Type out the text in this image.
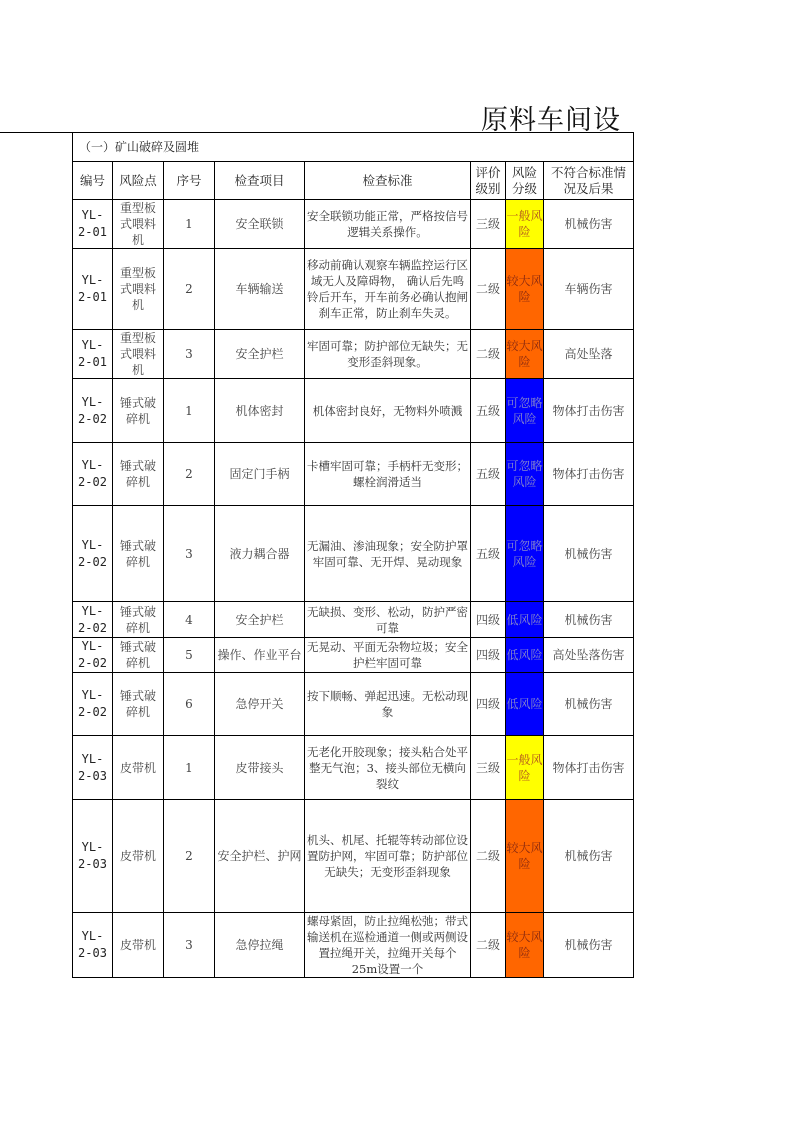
原料车间设
（一）矿山破碎及圆堆							
编号	风险点	序号	检查项目	检查标准	评价级别	风险分级	不符合标准情况及后果
YL-
2-01	重型板式喂料机	1	安全联锁	安全联锁功能正常，严格按信号逻辑关系操作。	三级	一般风险	机械伤害
YL-
2-01	重型板式喂料机	2	车辆输送	移动前确认观察车辆监控运行区域无人及障碍物， 确认后先鸣铃后开车，开车前务必确认抱闸刹车正常，防止刹车失灵。	二级	较大风险	车辆伤害
YL-
2-01	重型板式喂料机	3	安全护栏	牢固可靠；防护部位无缺失；无变形歪斜现象。	二级	较大风险	高处坠落
YL-
2-02	锤式破碎机	1	机体密封	机体密封良好，无物料外喷溅	五级	可忽略风险	物体打击伤害
YL-
2-02	锤式破碎机	2	固定门手柄	卡槽牢固可靠；手柄杆无变形；螺栓润滑适当	五级	可忽略风险	物体打击伤害
YL-
2-02	锤式破碎机	3	液力耦合器	无漏油、渗油现象；安全防护罩牢固可靠、无开焊、晃动现象	五级	可忽略风险	机械伤害
YL-
2-02	锤式破碎机	4	安全护栏	无缺损、变形、松动，防护严密可靠	四级	低风险	机械伤害
YL-
2-02	锤式破碎机	5	操作、作业平台	无晃动、平面无杂物垃圾；安全护栏牢固可靠	四级	低风险	高处坠落伤害
YL-
2-02	锤式破碎机	6	急停开关	按下顺畅、弹起迅速。无松动现象	四级	低风险	机械伤害
YL-
2-03	皮带机	1	皮带接头	无老化开胶现象；接头粘合处平整无气泡；3、接头部位无横向裂纹	三级	一般风险	物体打击伤害
YL-
2-03	皮带机	2	安全护栏、护网	机头、机尾、托辊等转动部位设置防护网，牢固可靠；防护部位无缺失；无变形歪斜现象	二级	较大风险	机械伤害
YL-
2-03	皮带机	3	急停拉绳	螺母紧固，防止拉绳松弛；带式输送机在巡检通道一侧或两侧设置拉绳开关，拉绳开关每个25m设置一个	二级	较大风险	机械伤害
